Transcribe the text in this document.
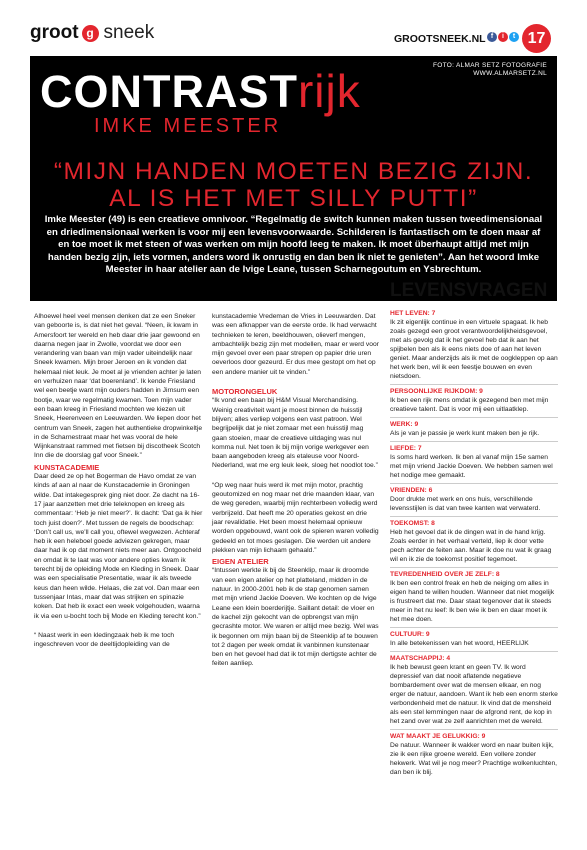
groot g sneek	GROOTSNEEK.NL f	i	t 17
FOTO: ALMAR SETZ FOTOGRAFIE
WWW.ALMARSETZ.NL
CONTRASTrijk
IMKE MEESTER
“MIJN HANDEN MOETEN BEZIG ZIJN.
AL IS HET MET SILLY PUTTI”
Imke Meester (49) is een creatieve omnivoor. “Regelmatig de switch kunnen maken tussen tweedimensionaal en driedimensionaal werken is voor mij een levensvoorwaarde. Schilderen is fantastisch om te doen maar af en toe moet ik met steen of was werken om mijn hoofd leeg te maken. Ik moet überhaupt altijd met mijn handen bezig zijn, iets vormen, anders word ik onrustig en dan ben ik niet te genieten”. Aan het woord Imke Meester in haar atelier aan de Ivige Leane, tussen Scharnegoutum en Ysbrechtum.

Alhoewel heel veel mensen denken dat ze een Sneker van geboorte is, is dat niet het geval. “Neen, ik kwam in Amersfoort ter wereld en heb daar drie jaar gewoond en daarna negen jaar in Zwolle, voordat we door een verandering van baan van mijn vader uiteindelijk naar Sneek kwamen. Mijn broer Jeroen en ik vonden dat helemaal niet leuk. Je moet al je vrienden achter je laten en verhuizen naar ‘dat boerenland’. Ik kende Friesland wel een beetje want mijn ouders hadden in Jirnsum een bootje, waar we regelmatig kwamen. Toen mijn vader een baan kreeg in Friesland mochten we kiezen uit Sneek, Heerenveen en Leeuwarden. We liepen door het centrum van Sneek, zagen het authentieke dropwinkeltje in de Scharnestraat maar het was vooral de hele Wijnkanstraat rammed met fietsen bij discotheek Scotch Inn die de doorslag gaf voor Sneek.”

KUNSTACADEMIE

Daar deed ze op het Bogerman de Havo omdat ze van kinds af aan al naar de Kunstacademie in Groningen wilde. Dat intakegesprek ging niet door. Ze dacht na 16-17 jaar aanzetten met drie teleknopen en kreeg als commentaar: ‘Heb je niet meer?’. Ik dacht: ‘Dat ga ik hier toch juist doen?’. Met tussen de regels de boodschap: ‘Don’t call us, we’ll call you, oftewel wegwezen. Achteraf heb ik een heleboel goede adviezen gekregen, maar daar had ik op dat moment niets meer aan. Ontgoocheld en omdat ik te laat was voor andere opties kwam ik terecht bij de opleiding Mode en Kleding in Sneek. Daar was een specialisatie Presentatie, waar ik als tweede keus dan heen wilde. Helaas, die zat vol. Dan maar een tussenjaar Intas, maar dat was strijken en spinazie koken. Dat heb ik exact een week volgehouden, waarna ik via een u-bocht toch bij Mode en Kleding terecht kon.”

“ Naast werk in een kledingzaak heb ik me toch ingeschreven voor de deeltijdopleiding van de

kunstacademie Vredeman de Vries in Leeuwarden. Dat was een afknapper van de eerste orde. Ik had verwacht technieken te leren, beeldhouwen, olieverf mengen, ambachtelijk bezig zijn met modellen, maar er werd voor mijn gevoel over een paar strepen op papier drie uren oeverloos door gezeurd. Er dus mee gestopt om het op een andere manier uit te vinden.”

MOTORONGELUK

“Ik vond een baan bij H&M Visual Merchandising. Weinig creativiteit want je moest binnen de huisstijl blijven; alles verliep volgens een vast patroon. Wel begrijpelijk dat je niet zomaar met een huisstijl mag gaan stoeien, maar de creatieve uitdaging was nul komma nul. Net toen ik bij mijn vorige werkgever een baan aangeboden kreeg als etaleuse voor Noord-Nederland, wat me erg leuk leek, sloeg het noodlot toe.”

“Op weg naar huis werd ik met mijn motor, prachtig geoutomized en nog maar net drie maanden klaar, van de weg gereden, waarbij mijn rechterbeen volledig werd verbrijzeld. Dat heeft me 20 operaties gekost en drie jaar revalidatie. Het been moest helemaal opnieuw worden opgebouwd, want ook de spieren waren volledig gedeeld en tot moes geslagen. Die werden uit andere plekken van mijn lichaam gehaald.”

EIGEN ATELIER

“Intussen werkte ik bij de Steenklip, maar ik droomde van een eigen atelier op het platteland, midden in de natuur. In 2000-2001 heb ik de stap genomen samen met mijn vriend Jackie Doeven. We kochten op de Ivige Leane een klein boerderijtje. Saillant detail: de vloer en de kachel zijn gekocht van de opbrengst van mijn gecrashte motor. We waren er altijd mee bezig. Wel was ik begonnen om mijn baan bij de Steenklip af te bouwen tot 2 dagen per week omdat ik vanbinnen kunstenaar ben en het gevoel had dat ik tot mijn dertigste achter de feiten aanliep.

LEVENSVRAGEN

HET LEVEN: 7

Ik zit eigenlijk continue in een virtuele spagaat. Ik heb zoals gezegd een groot verantwoordelijkheidsgevoel, met als gevolg dat ik het gevoel heb dat ik aan het spijbelen ben als ik eens niets doe of aan het leven geniet. Maar anderzijds als ik met de oogkleppen op aan het werk ben, wil ik een feestje bouwen en even nietsdoen.

PERSOONLIJKE RIJKDOM: 9

Ik ben een rijk mens omdat ik gezegend ben met mijn creatieve talent. Dat is voor mij een uitlaatklep.

WERK: 9

Als je van je passie je werk kunt maken ben je rijk.

LIEFDE: 7

Is soms hard werken. Ik ben al vanaf mijn 15e samen met mijn vriend Jackie Doeven. We hebben samen wel het nodige mee gemaakt.

VRIENDEN: 6

Door drukte met werk en ons huis, verschillende levensstijlen is dat van twee kanten wat verwaterd.

TOEKOMST: 8

Heb het gevoel dat ik de dingen wat in de hand krijg. Zoals eerder in het verhaal verteld, liep ik door vette pech achter de feiten aan. Maar ik doe nu wat ik graag wil en ik zie de toekomst positief tegemoet.

TEVREDENHEID OVER JE ZELF: 8

Ik ben een control freak en heb de neiging om alles in eigen hand te willen houden. Wanneer dat niet mogelijk is frustreert dat me. Daar staat tegenover dat ik steeds meer in het nu leef: Ik ben wie ik ben en daar moet ik het mee doen.

CULTUUR: 9

In alle betekenissen van het woord, HEERLIJK

MAATSCHAPPIJ: 4

Ik heb bewust geen krant en geen TV. Ik word depressief van dat nooit aflatende negatieve bombardement over wat de mensen elkaar, en nog erger de natuur, aandoen. Want ik heb een enorm sterke verbondenheid met de natuur. Ik vind dat de mensheid als een stel lemmingen naar de afgrond rent, de kop in het zand over wat ze zelf aanrichten met de wereld.

WAT MAAKT JE GELUKKIG: 9

De natuur. Wanneer ik wakker word en naar buiten kijk, zie ik een rijke groene wereld. Een vollere zonder hekwerk. Wat wil je nog meer? Prachtige wolkenluchten, dan ben ik blij.
